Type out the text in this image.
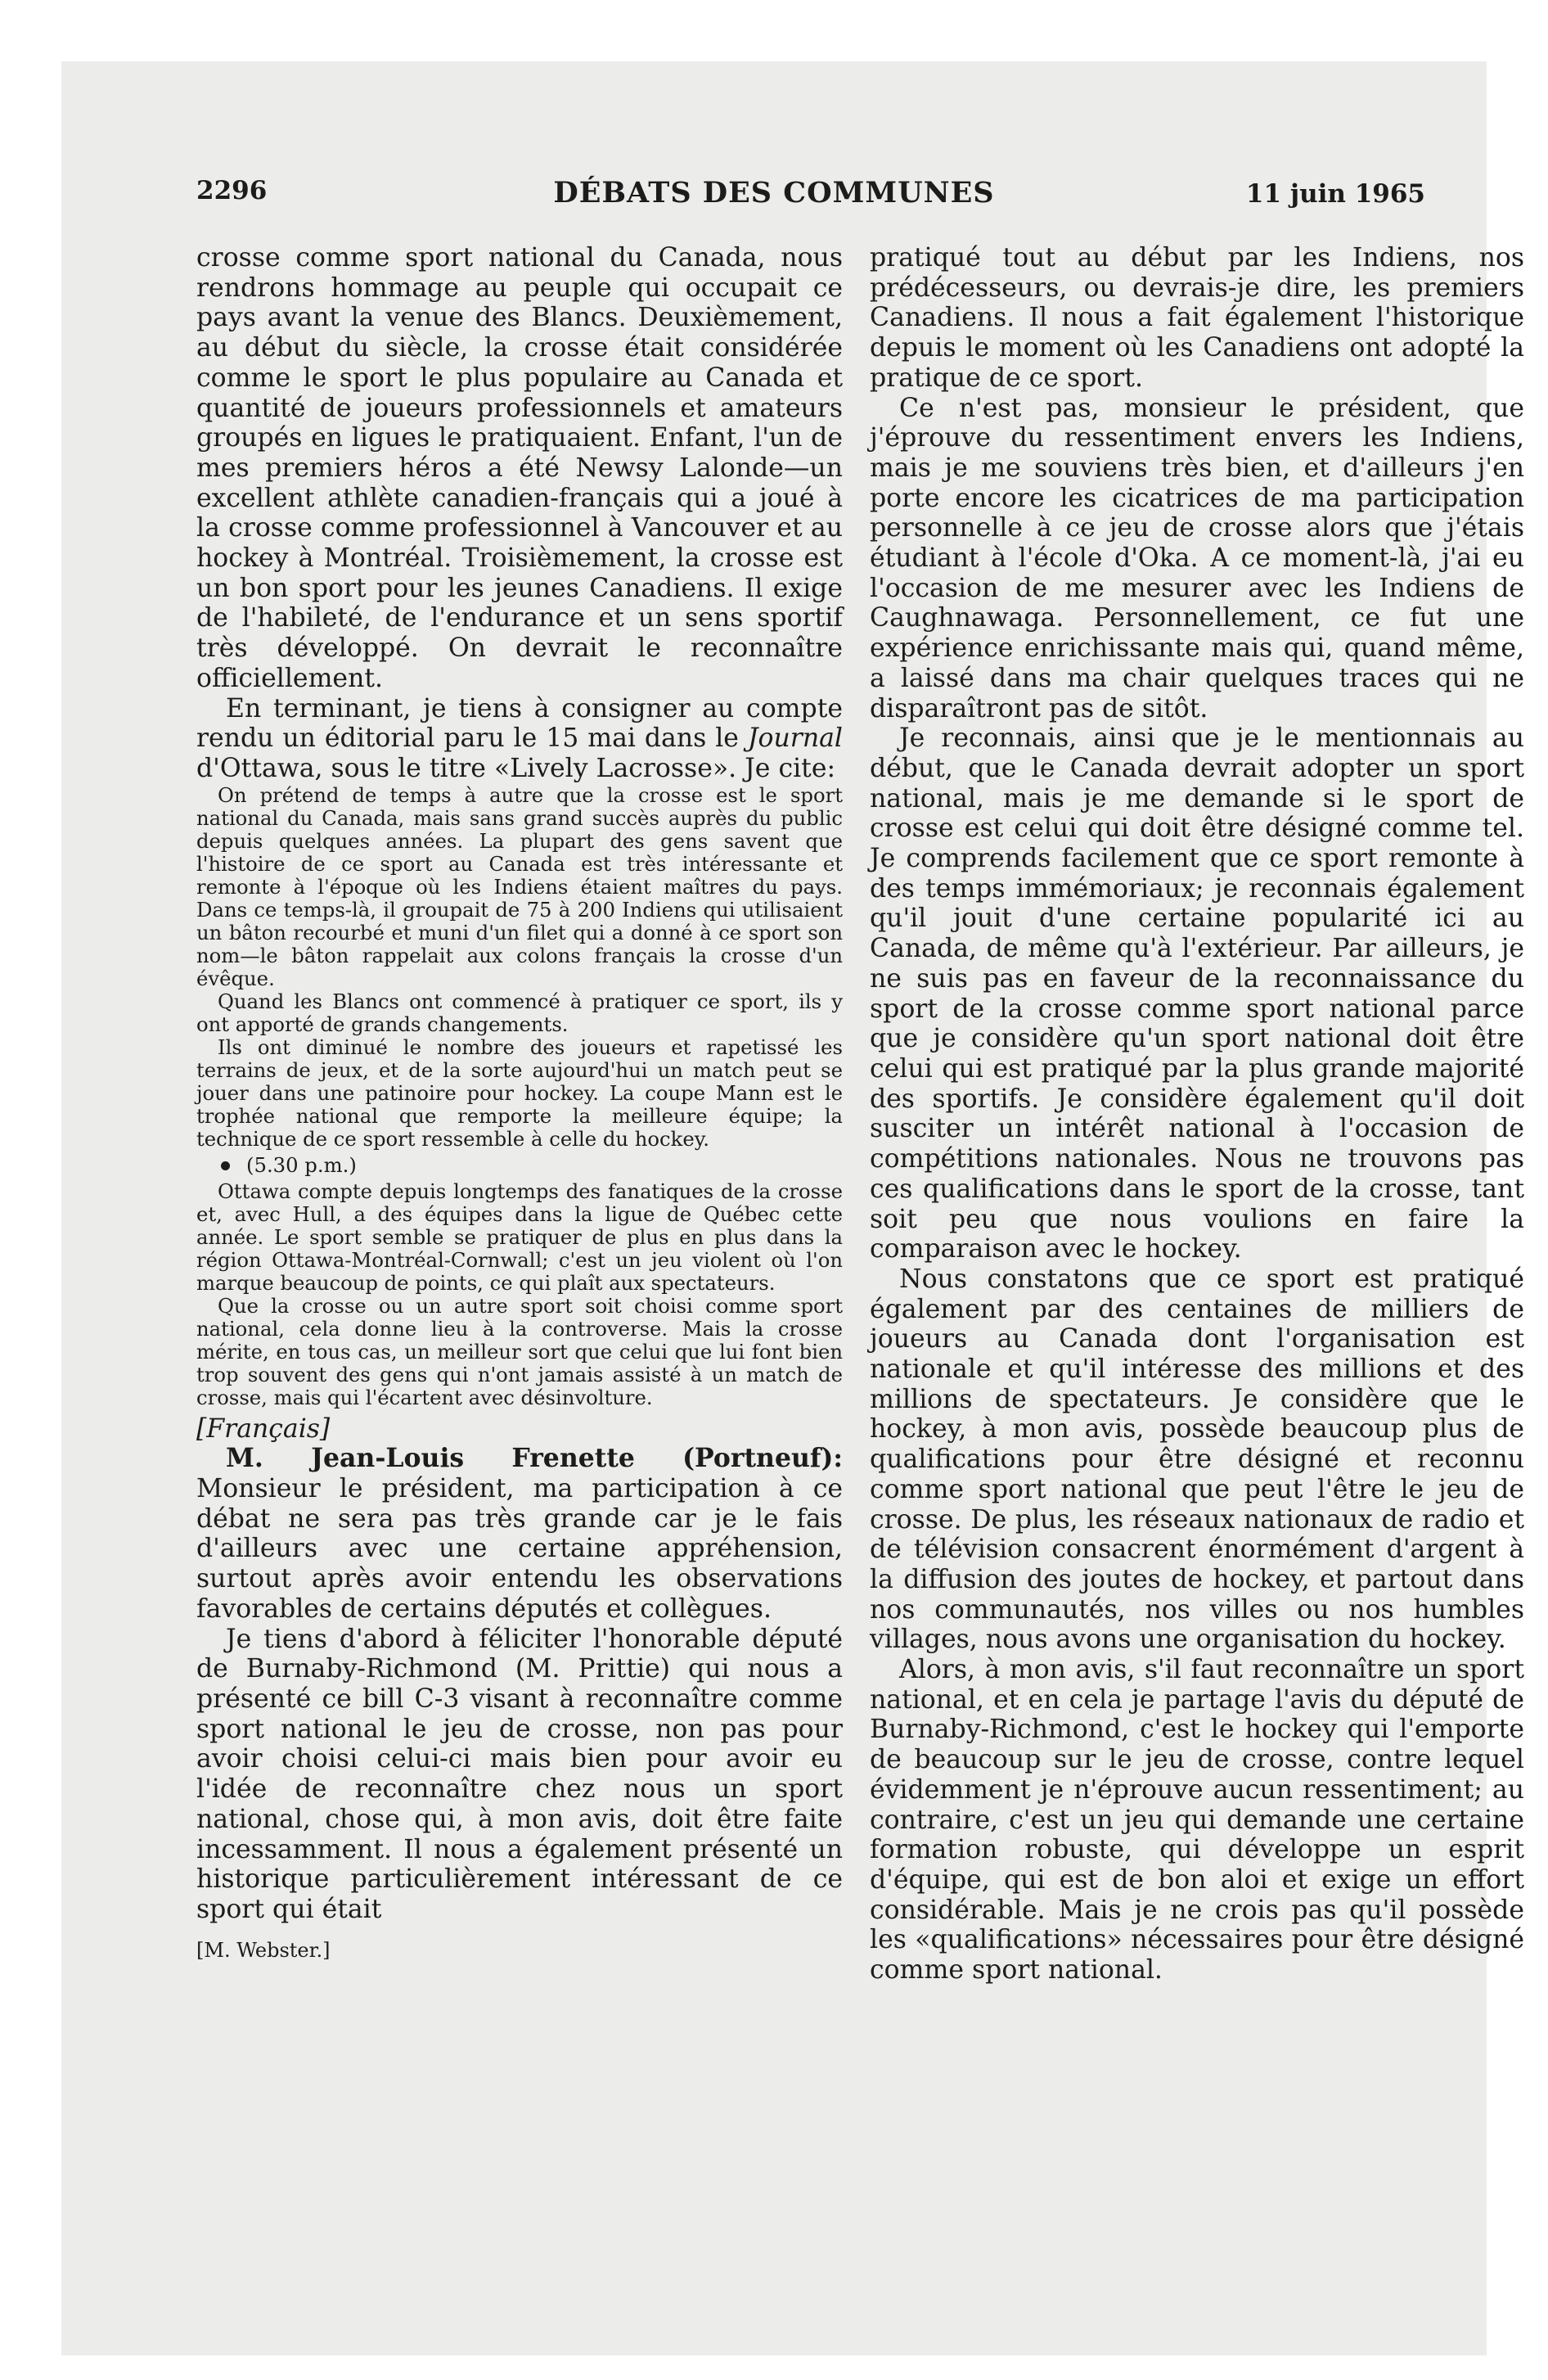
2296	DÉBATS DES COMMUNES	11 juin 1965

crosse comme sport national du Canada, nous rendrons hommage au peuple qui occupait ce pays avant la venue des Blancs. Deuxièmement, au début du siècle, la crosse était considérée comme le sport le plus populaire au Canada et quantité de joueurs professionnels et amateurs groupés en ligues le pratiquaient. Enfant, l'un de mes premiers héros a été Newsy Lalonde—un excellent athlète canadien-français qui a joué à la crosse comme professionnel à Vancouver et au hockey à Montréal. Troisièmement, la crosse est un bon sport pour les jeunes Canadiens. Il exige de l'habileté, de l'endurance et un sens sportif très développé. On devrait le reconnaître officiellement.

En terminant, je tiens à consigner au compte rendu un éditorial paru le 15 mai dans le Journal d'Ottawa, sous le titre «Lively Lacrosse». Je cite:

On prétend de temps à autre que la crosse est le sport national du Canada, mais sans grand succès auprès du public depuis quelques années. La plupart des gens savent que l'histoire de ce sport au Canada est très intéressante et remonte à l'époque où les Indiens étaient maîtres du pays. Dans ce temps-là, il groupait de 75 à 200 Indiens qui utilisaient un bâton recourbé et muni d'un filet qui a donné à ce sport son nom—le bâton rappelait aux colons français la crosse d'un évêque.

Quand les Blancs ont commencé à pratiquer ce sport, ils y ont apporté de grands changements.

Ils ont diminué le nombre des joueurs et rapetissé les terrains de jeux, et de la sorte aujourd'hui un match peut se jouer dans une patinoire pour hockey. La coupe Mann est le trophée national que remporte la meilleure équipe; la technique de ce sport ressemble à celle du hockey.

(5.30 p.m.)

Ottawa compte depuis longtemps des fanatiques de la crosse et, avec Hull, a des équipes dans la ligue de Québec cette année. Le sport semble se pratiquer de plus en plus dans la région Ottawa-Montréal-Cornwall; c'est un jeu violent où l'on marque beaucoup de points, ce qui plaît aux spectateurs.

Que la crosse ou un autre sport soit choisi comme sport national, cela donne lieu à la controverse. Mais la crosse mérite, en tous cas, un meilleur sort que celui que lui font bien trop souvent des gens qui n'ont jamais assisté à un match de crosse, mais qui l'écartent avec désinvolture.

[Français]

M. Jean-Louis Frenette (Portneuf): Monsieur le président, ma participation à ce débat ne sera pas très grande car je le fais d'ailleurs avec une certaine appréhension, surtout après avoir entendu les observations favorables de certains députés et collègues.

Je tiens d'abord à féliciter l'honorable député de Burnaby-Richmond (M. Prittie) qui nous a présenté ce bill C-3 visant à reconnaître comme sport national le jeu de crosse, non pas pour avoir choisi celui-ci mais bien pour avoir eu l'idée de reconnaître chez nous un sport national, chose qui, à mon avis, doit être faite incessamment. Il nous a également présenté un historique particulièrement intéressant de ce sport qui était

[M. Webster.]

pratiqué tout au début par les Indiens, nos prédécesseurs, ou devrais-je dire, les premiers Canadiens. Il nous a fait également l'historique depuis le moment où les Canadiens ont adopté la pratique de ce sport.

Ce n'est pas, monsieur le président, que j'éprouve du ressentiment envers les Indiens, mais je me souviens très bien, et d'ailleurs j'en porte encore les cicatrices de ma participation personnelle à ce jeu de crosse alors que j'étais étudiant à l'école d'Oka. A ce moment-là, j'ai eu l'occasion de me mesurer avec les Indiens de Caughnawaga. Personnellement, ce fut une expérience enrichissante mais qui, quand même, a laissé dans ma chair quelques traces qui ne disparaîtront pas de sitôt.

Je reconnais, ainsi que je le mentionnais au début, que le Canada devrait adopter un sport national, mais je me demande si le sport de crosse est celui qui doit être désigné comme tel. Je comprends facilement que ce sport remonte à des temps immémoriaux; je reconnais également qu'il jouit d'une certaine popularité ici au Canada, de même qu'à l'extérieur. Par ailleurs, je ne suis pas en faveur de la reconnaissance du sport de la crosse comme sport national parce que je considère qu'un sport national doit être celui qui est pratiqué par la plus grande majorité des sportifs. Je considère également qu'il doit susciter un intérêt national à l'occasion de compétitions nationales. Nous ne trouvons pas ces qualifications dans le sport de la crosse, tant soit peu que nous voulions en faire la comparaison avec le hockey.

Nous constatons que ce sport est pratiqué également par des centaines de milliers de joueurs au Canada dont l'organisation est nationale et qu'il intéresse des millions et des millions de spectateurs. Je considère que le hockey, à mon avis, possède beaucoup plus de qualifications pour être désigné et reconnu comme sport national que peut l'être le jeu de crosse. De plus, les réseaux nationaux de radio et de télévision consacrent énormément d'argent à la diffusion des joutes de hockey, et partout dans nos communautés, nos villes ou nos humbles villages, nous avons une organisation du hockey.

Alors, à mon avis, s'il faut reconnaître un sport national, et en cela je partage l'avis du député de Burnaby-Richmond, c'est le hockey qui l'emporte de beaucoup sur le jeu de crosse, contre lequel évidemment je n'éprouve aucun ressentiment; au contraire, c'est un jeu qui demande une certaine formation robuste, qui développe un esprit d'équipe, qui est de bon aloi et exige un effort considérable. Mais je ne crois pas qu'il possède les «qualifications» nécessaires pour être désigné comme sport national.
